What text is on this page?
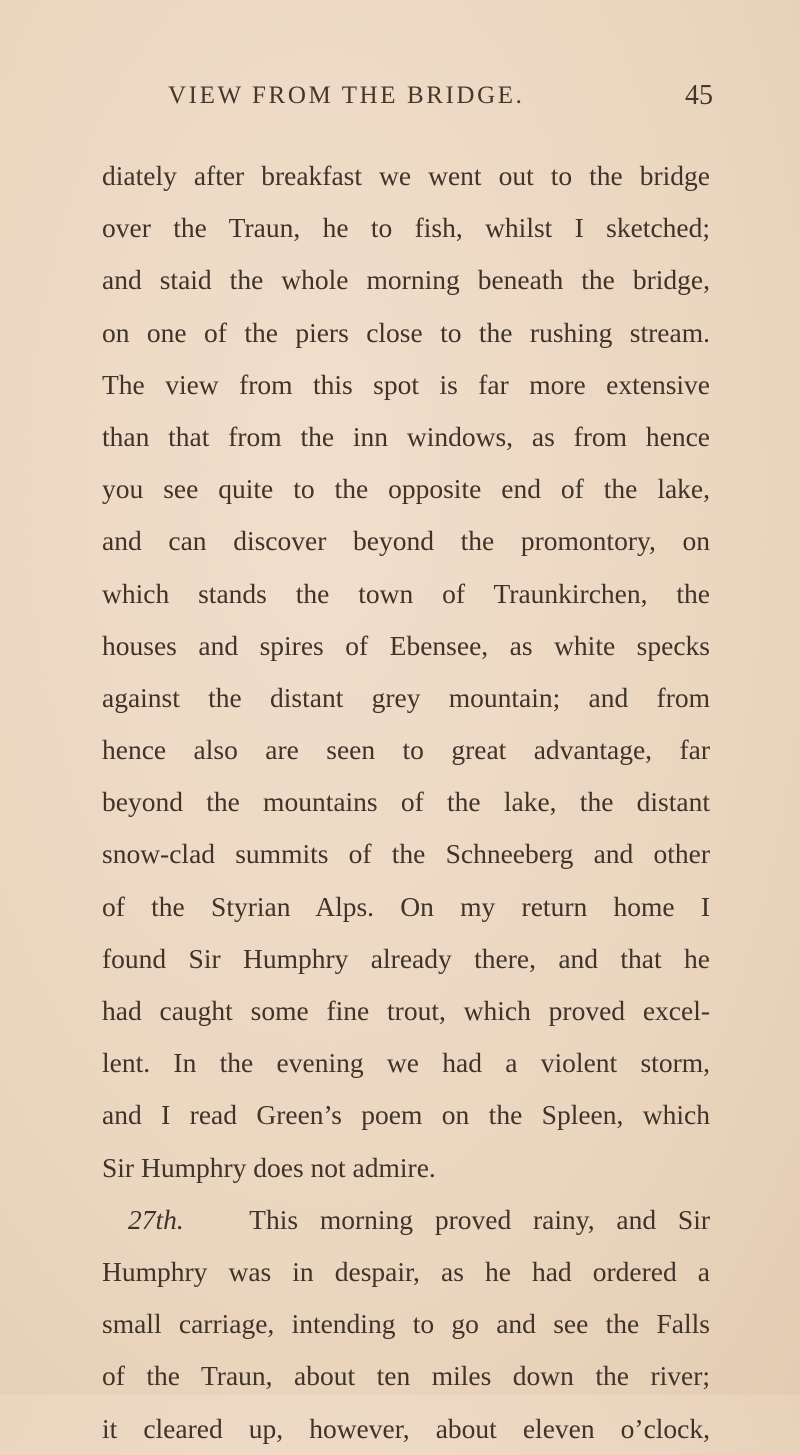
VIEW FROM THE BRIDGE.	45
diately after breakfast we went out to the bridge
over the Traun, he to fish, whilst I sketched;
and staid the whole morning beneath the bridge,
on one of the piers close to the rushing stream.
The view from this spot is far more extensive
than that from the inn windows, as from hence
you see quite to the opposite end of the lake,
and can discover beyond the promontory, on
which stands the town of Traunkirchen, the
houses and spires of Ebensee, as white specks
against the distant grey mountain; and from
hence also are seen to great advantage, far
beyond the mountains of the lake, the distant
snow-clad summits of the Schneeberg and other
of the Styrian Alps. On my return home I
found Sir Humphry already there, and that he
had caught some fine trout, which proved excel-
lent. In the evening we had a violent storm,
and I read Green’s poem on the Spleen, which
Sir Humphry does not admire.
27th. This morning proved rainy, and Sir
Humphry was in despair, as he had ordered a
small carriage, intending to go and see the Falls
of the Traun, about ten miles down the river;
it cleared up, however, about eleven o’clock,
